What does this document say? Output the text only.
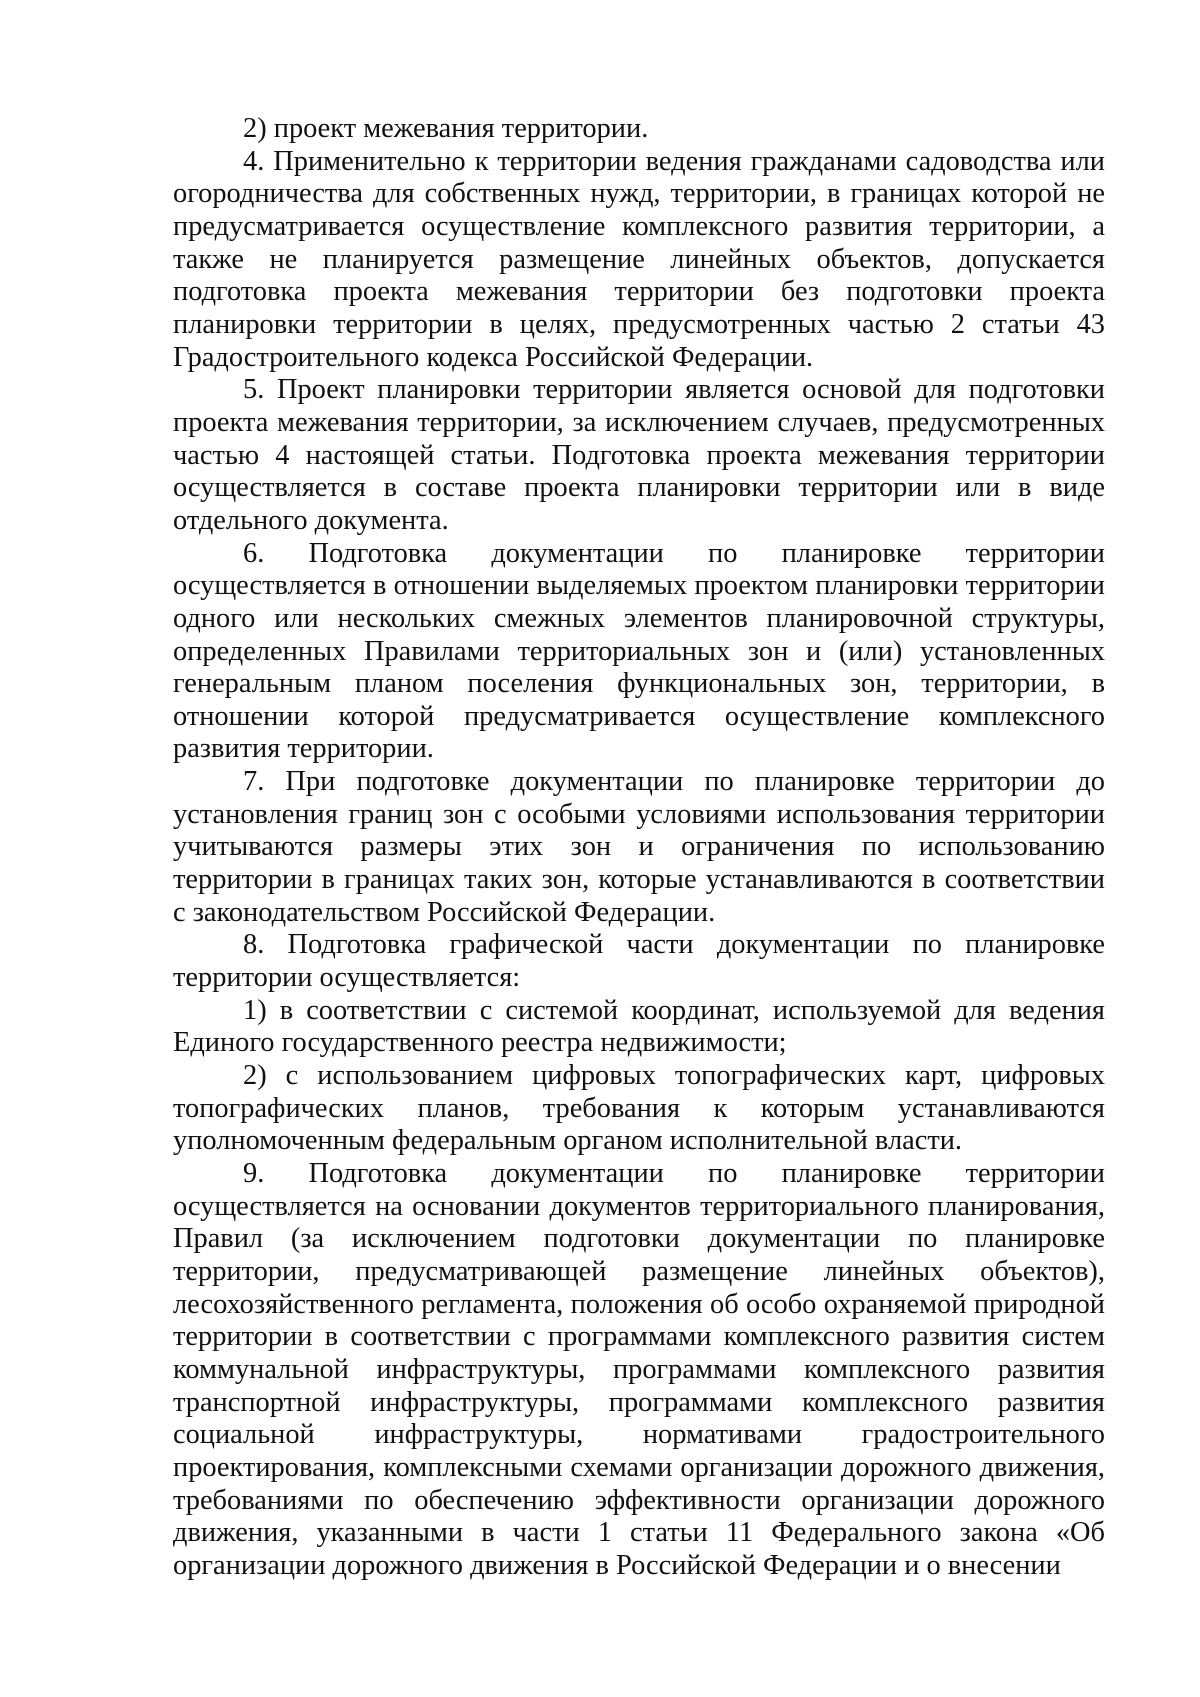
2) проект межевания территории.

4. Применительно к территории ведения гражданами садоводства или огородничества для собственных нужд, территории, в границах которой не предусматривается осуществление комплексного развития территории, а также не планируется размещение линейных объектов, допускается подготовка проекта межевания территории без подготовки проекта планировки территории в целях, предусмотренных частью 2 статьи 43 Градостроительного кодекса Российской Федерации.

5. Проект планировки территории является основой для подготовки проекта межевания территории, за исключением случаев, предусмотренных частью 4 настоящей статьи. Подготовка проекта межевания территории осуществляется в составе проекта планировки территории или в виде отдельного документа.

6. Подготовка документации по планировке территории осуществляется в отношении выделяемых проектом планировки территории одного или нескольких смежных элементов планировочной структуры, определенных Правилами территориальных зон и (или) установленных генеральным планом поселения функциональных зон, территории, в отношении которой предусматривается осуществление комплексного развития территории.

7. При подготовке документации по планировке территории до установления границ зон с особыми условиями использования территории учитываются размеры этих зон и ограничения по использованию территории в границах таких зон, которые устанавливаются в соответствии с законодательством Российской Федерации.

8. Подготовка графической части документации по планировке территории осуществляется:

1) в соответствии с системой координат, используемой для ведения Единого государственного реестра недвижимости;

2) с использованием цифровых топографических карт, цифровых топографических планов, требования к которым устанавливаются уполномоченным федеральным органом исполнительной власти.

9. Подготовка документации по планировке территории осуществляется на основании документов территориального планирования, Правил (за исключением подготовки документации по планировке территории, предусматривающей размещение линейных объектов), лесохозяйственного регламента, положения об особо охраняемой природной территории в соответствии с программами комплексного развития систем коммунальной инфраструктуры, программами комплексного развития транспортной инфраструктуры, программами комплексного развития социальной инфраструктуры, нормативами градостроительного проектирования, комплексными схемами организации дорожного движения, требованиями по обеспечению эффективности организации дорожного движения, указанными в части 1 статьи 11 Федерального закона «Об организации дорожного движения в Российской Федерации и о внесении
